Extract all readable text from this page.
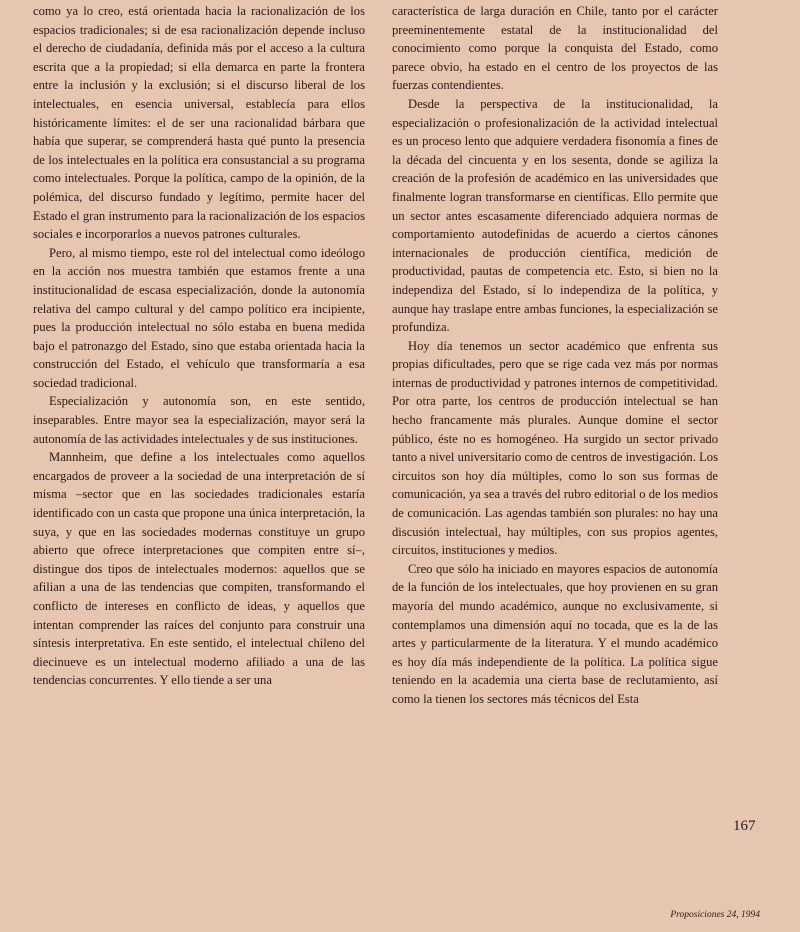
como ya lo creo, está orientada hacia la racionalización de los espacios tradicionales; si de esa racionalización depende incluso el derecho de ciudadanía, definida más por el acceso a la cultura escrita que a la propiedad; si ella demarca en parte la frontera entre la inclusión y la exclusión; si el discurso liberal de los intelectuales, en esencia universal, establecía para ellos históricamente límites: el de ser una racionalidad bárbara que había que superar, se comprenderá hasta qué punto la presencia de los intelectuales en la política era consustancial a su programa como intelectuales. Porque la política, campo de la opinión, de la polémica, del discurso fundado y legítimo, permite hacer del Estado el gran instrumento para la racionalización de los espacios sociales e incorporarlos a nuevos patrones culturales.

Pero, al mismo tiempo, este rol del intelectual como ideólogo en la acción nos muestra también que estamos frente a una institucionalidad de escasa especialización, donde la autonomía relativa del campo cultural y del campo político era incipiente, pues la producción intelectual no sólo estaba en buena medida bajo el patronazgo del Estado, sino que estaba orientada hacia la construcción del Estado, el vehículo que transformaría a esa sociedad tradicional.

Especialización y autonomía son, en este sentido, inseparables. Entre mayor sea la especialización, mayor será la autonomía de las actividades intelectuales y de sus instituciones.

Mannheim, que define a los intelectuales como aquellos encargados de proveer a la sociedad de una interpretación de sí misma –sector que en las sociedades tradicionales estaría identificado con un casta que propone una única interpretación, la suya, y que en las sociedades modernas constituye un grupo abierto que ofrece interpretaciones que compiten entre sí–, distingue dos tipos de intelectuales modernos: aquellos que se afilian a una de las tendencias que compiten, transformando el conflicto de intereses en conflicto de ideas, y aquellos que intentan comprender las raíces del conjunto para construir una síntesis interpretativa. En este sentido, el intelectual chileno del diecinueve es un intelectual moderno afiliado a una de las tendencias concurrentes. Y ello tiende a ser una

característica de larga duración en Chile, tanto por el carácter preeminentemente estatal de la institucionalidad del conocimiento como porque la conquista del Estado, como parece obvio, ha estado en el centro de los proyectos de las fuerzas contendientes.

Desde la perspectiva de la institucionalidad, la especialización o profesionalización de la actividad intelectual es un proceso lento que adquiere verdadera fisonomía a fines de la década del cincuenta y en los sesenta, donde se agiliza la creación de la profesión de académico en las universidades que finalmente logran transformarse en científicas. Ello permite que un sector antes escasamente diferenciado adquiera normas de comportamiento autodefinidas de acuerdo a ciertos cánones internacionales de producción científica, medición de productividad, pautas de competencia etc. Esto, si bien no la independiza del Estado, sí lo independiza de la política, y aunque hay traslape entre ambas funciones, la especialización se profundiza.

Hoy día tenemos un sector académico que enfrenta sus propias dificultades, pero que se rige cada vez más por normas internas de productividad y patrones internos de competitividad. Por otra parte, los centros de producción intelectual se han hecho francamente más plurales. Aunque domine el sector público, éste no es homogéneo. Ha surgido un sector privado tanto a nivel universitario como de centros de investigación. Los circuitos son hoy día múltiples, como lo son sus formas de comunicación, ya sea a través del rubro editorial o de los medios de comunicación. Las agendas también son plurales: no hay una discusión intelectual, hay múltiples, con sus propios agentes, circuitos, instituciones y medios.

Creo que sólo ha iniciado en mayores espacios de autonomía de la función de los intelectuales, que hoy provienen en su gran mayoría del mundo académico, aunque no exclusivamente, si contemplamos una dimensión aquí no tocada, que es la de las artes y particularmente de la literatura. Y el mundo académico es hoy día más independiente de la política. La política sigue teniendo en la academia una cierta base de reclutamiento, así como la tienen los sectores más técnicos del Esta

167
Proposiciones 24, 1994
